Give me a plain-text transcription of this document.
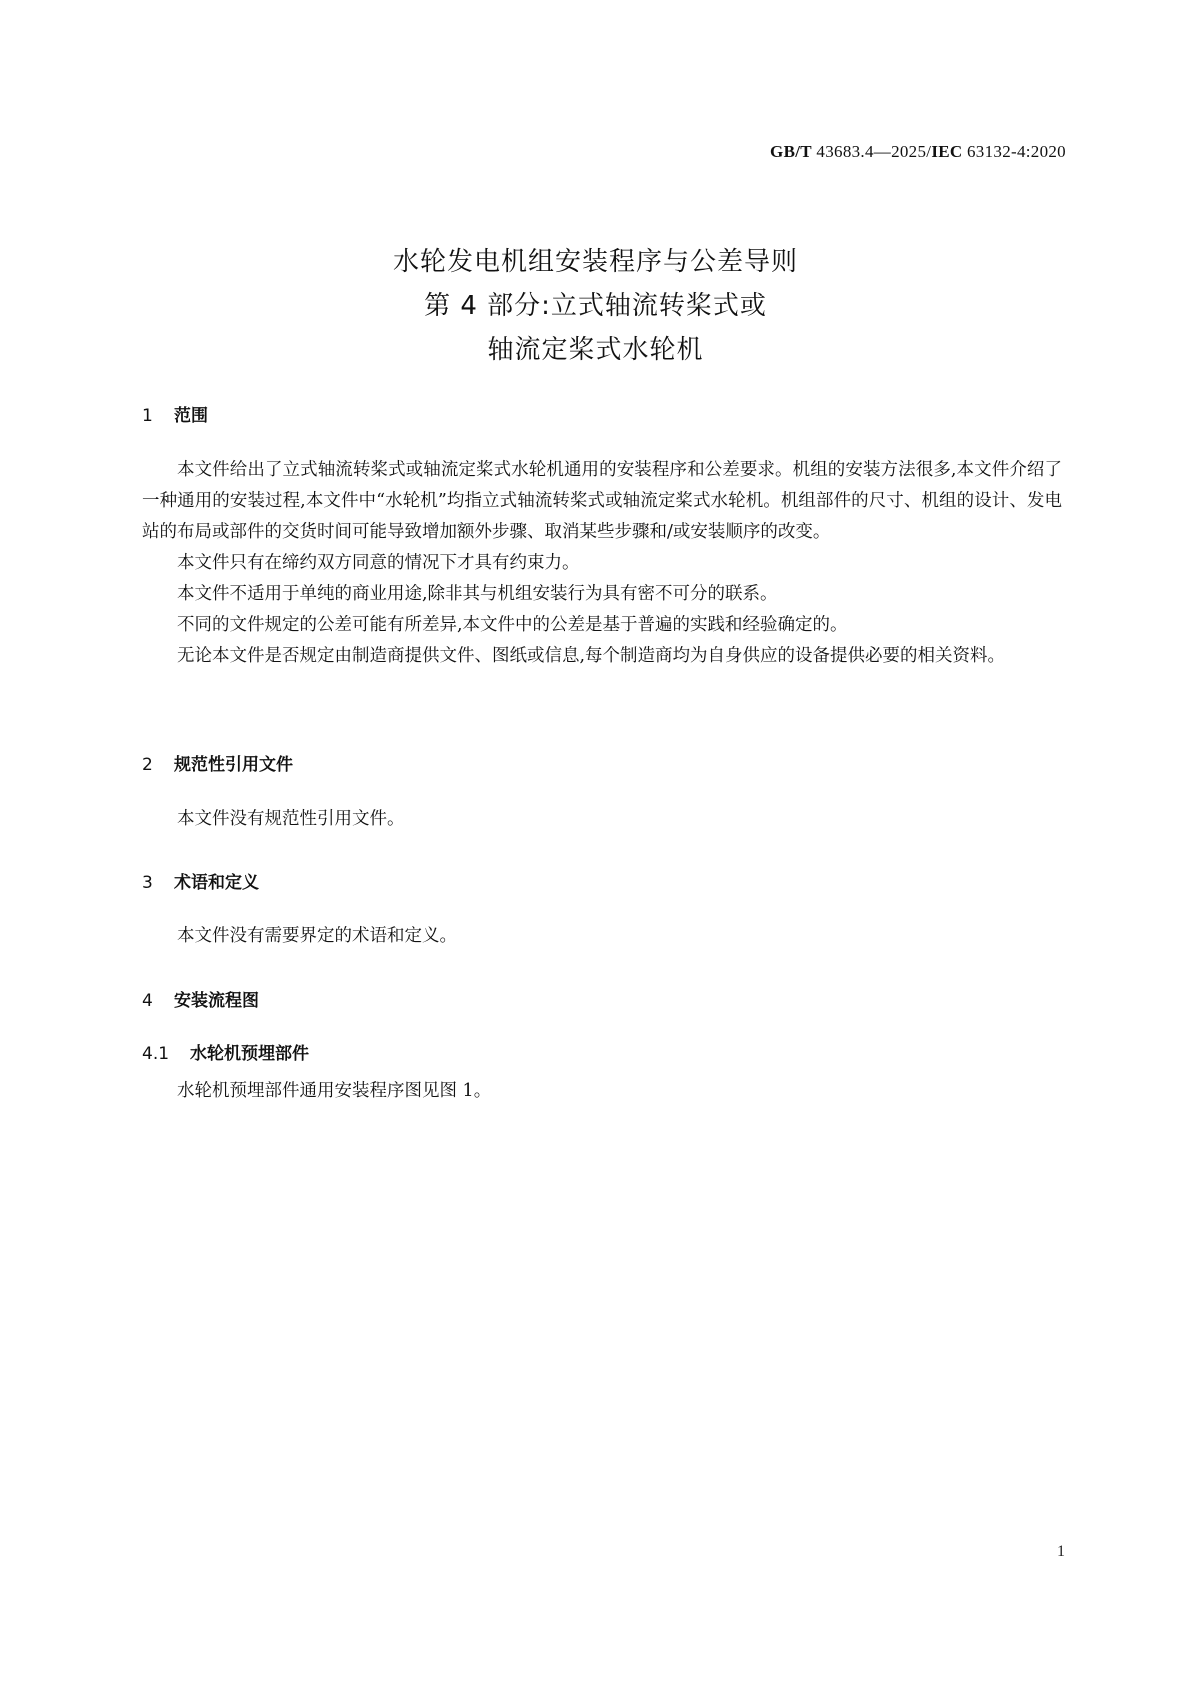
GB/T 43683.4—2025/IEC 63132-4:2020
水轮发电机组安装程序与公差导则
第 4 部分:立式轴流转桨式或
轴流定桨式水轮机
1 范围

本文件给出了立式轴流转桨式或轴流定桨式水轮机通用的安装程序和公差要求。机组的安装方法很多,本文件介绍了一种通用的安装过程,本文件中“水轮机”均指立式轴流转桨式或轴流定桨式水轮机。机组部件的尺寸、机组的设计、发电站的布局或部件的交货时间可能导致增加额外步骤、取消某些步骤和/或安装顺序的改变。

本文件只有在缔约双方同意的情况下才具有约束力。

本文件不适用于单纯的商业用途,除非其与机组安装行为具有密不可分的联系。

不同的文件规定的公差可能有所差异,本文件中的公差是基于普遍的实践和经验确定的。

无论本文件是否规定由制造商提供文件、图纸或信息,每个制造商均为自身供应的设备提供必要的相关资料。

2 规范性引用文件

本文件没有规范性引用文件。

3 术语和定义

本文件没有需要界定的术语和定义。

4 安装流程图
4.1 水轮机预埋部件

水轮机预埋部件通用安装程序图见图 1。

1
